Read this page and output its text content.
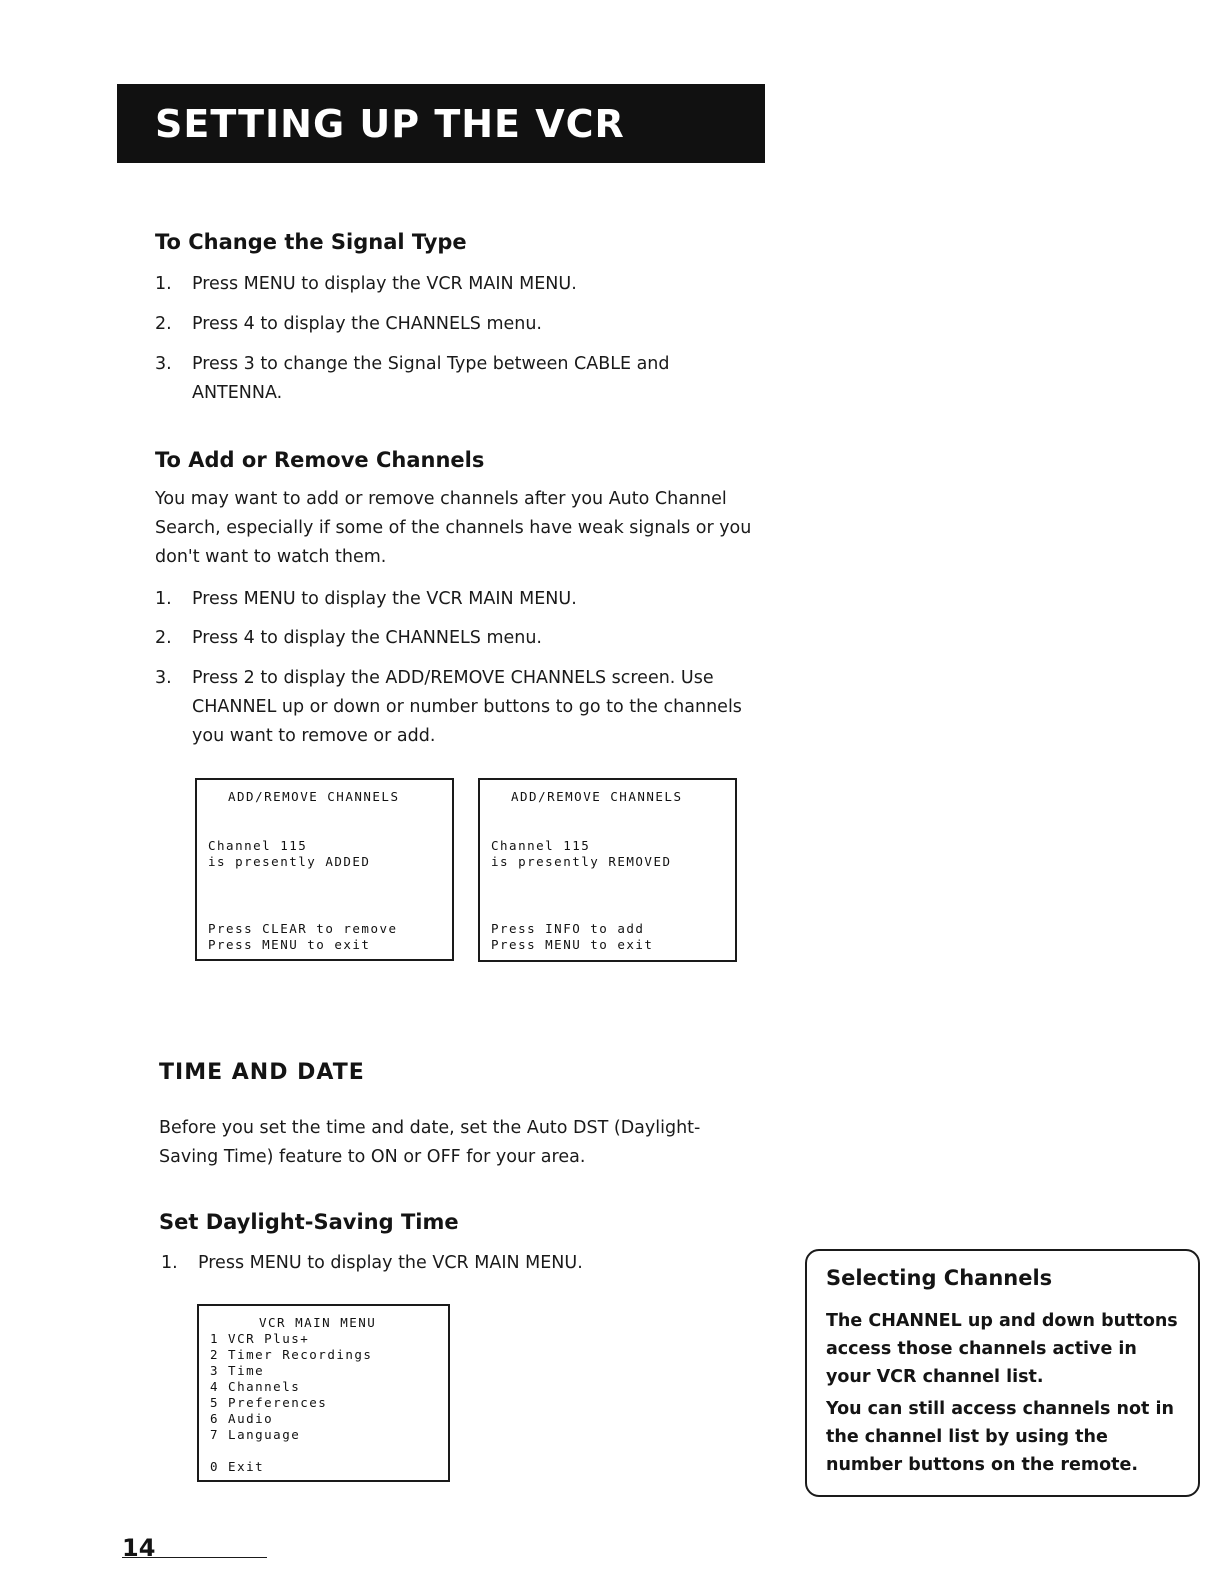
SETTING UP THE VCR
To Change the Signal Type
1.	Press MENU to display the VCR MAIN MENU.
2.	Press 4 to display the CHANNELS menu.
3.	Press 3 to change the Signal Type between CABLE and ANTENNA.
To Add or Remove Channels
You may want to add or remove channels after you Auto Channel Search, especially if some of the channels have weak signals or you don't want to watch them.
1.	Press MENU to display the VCR MAIN MENU.
2.	Press 4 to display the CHANNELS menu.
3.	Press 2 to display the ADD/REMOVE CHANNELS screen. Use CHANNEL up or down or number buttons to go to the channels you want to remove or add.
ADD/REMOVE CHANNELS
Channel 115
is presently ADDED
Press CLEAR to remove
Press MENU to exit
ADD/REMOVE CHANNELS
Channel 115
is presently REMOVED
Press INFO to add
Press MENU to exit
TIME AND DATE
Before you set the time and date, set the Auto DST (Daylight-Saving Time) feature to ON or OFF for your area.
Set Daylight-Saving Time
1.	Press MENU to display the VCR MAIN MENU.
VCR MAIN MENU
1 VCR Plus+
2 Timer Recordings
3 Time
4 Channels
5 Preferences
6 Audio
7 Language
0 Exit
Selecting Channels
The CHANNEL up and down buttons access those channels active in your VCR channel list.
You can still access channels not in the channel list by using the number buttons on the remote.
14
